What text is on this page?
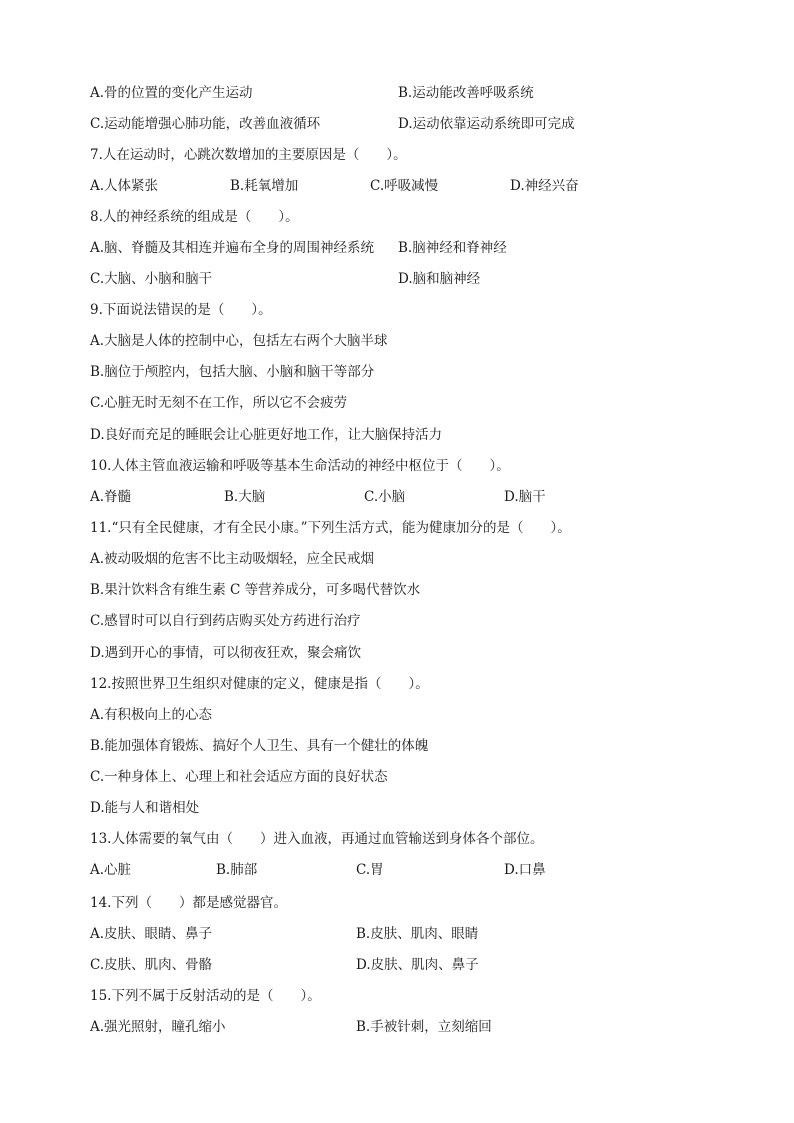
A.骨的位置的变化产生运动	B.运动能改善呼吸系统
C.运动能增强心肺功能，改善血液循环	D.运动依靠运动系统即可完成
7.人在运动时，心跳次数增加的主要原因是（　　）。
A.人体紧张	B.耗氧增加	C.呼吸减慢	D.神经兴奋
8.人的神经系统的组成是（　　）。
A.脑、脊髓及其相连并遍布全身的周围神经系统 B.脑神经和脊神经
C.大脑、小脑和脑干	D.脑和脑神经
9.下面说法错误的是（　　）。
A.大脑是人体的控制中心，包括左右两个大脑半球
B.脑位于颅腔内，包括大脑、小脑和脑干等部分
C.心脏无时无刻不在工作，所以它不会疲劳
D.良好而充足的睡眠会让心脏更好地工作，让大脑保持活力
10.人体主管血液运输和呼吸等基本生命活动的神经中枢位于（　　）。
A.脊髓	B.大脑	C.小脑	D.脑干
11.“只有全民健康，才有全民小康。”下列生活方式，能为健康加分的是（　　）。
A.被动吸烟的危害不比主动吸烟轻，应全民戒烟
B.果汁饮料含有维生素 C 等营养成分，可多喝代替饮水
C.感冒时可以自行到药店购买处方药进行治疗
D.遇到开心的事情，可以彻夜狂欢，聚会痛饮
12.按照世界卫生组织对健康的定义，健康是指（　　）。
A.有积极向上的心态
B.能加强体育锻炼、搞好个人卫生、具有一个健壮的体魄
C.一种身体上、心理上和社会适应方面的良好状态
D.能与人和谐相处
13.人体需要的氧气由（　　）进入血液，再通过血管输送到身体各个部位。
A.心脏	B.肺部	C.胃	D.口鼻
14.下列（　　）都是感觉器官。
A.皮肤、眼睛、鼻子	B.皮肤、肌肉、眼睛
C.皮肤、肌肉、骨骼	D.皮肤、肌肉、鼻子
15.下列不属于反射活动的是（　　）。
A.强光照射，瞳孔缩小	B.手被针刺，立刻缩回
